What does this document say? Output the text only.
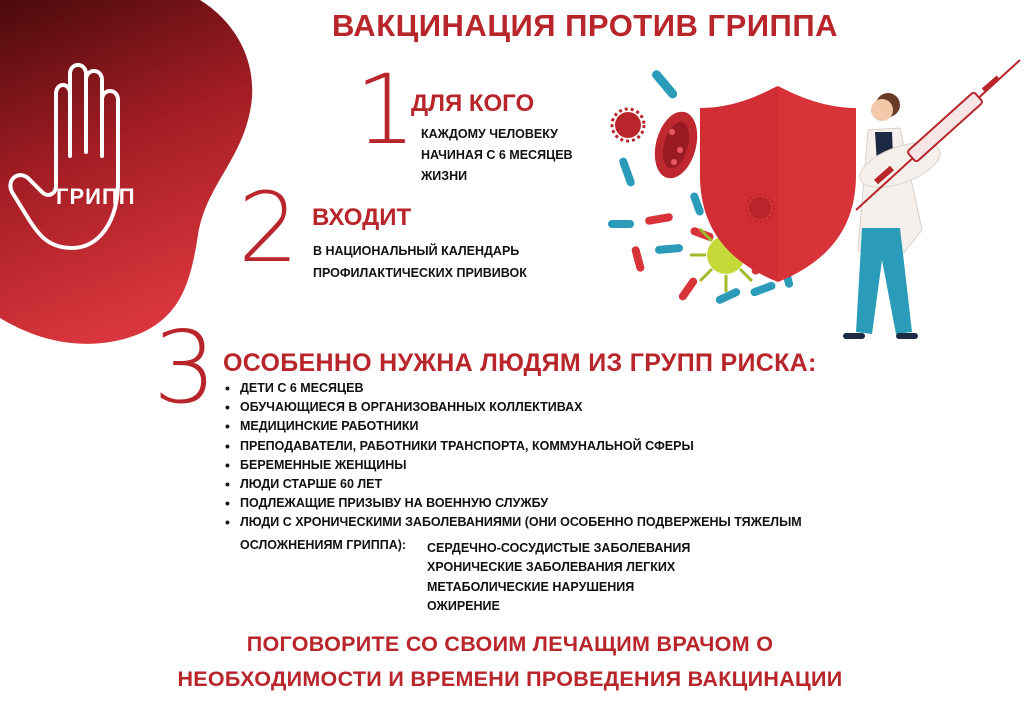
ГРИПП
ВАКЦИНАЦИЯ ПРОТИВ ГРИППА
1
ДЛЯ КОГО
КАЖДОМУ ЧЕЛОВЕКУ
НАЧИНАЯ С 6 МЕСЯЦЕВ
ЖИЗНИ
2 ВХОДИТ
В НАЦИОНАЛЬНЫЙ КАЛЕНДАРЬ
ПРОФИЛАКТИЧЕСКИХ ПРИВИВОК
3 ОСОБЕННО НУЖНА ЛЮДЯМ ИЗ ГРУПП РИСКА:
• ДЕТИ С 6 МЕСЯЦЕВ
• ОБУЧАЮЩИЕСЯ В ОРГАНИЗОВАННЫХ КОЛЛЕКТИВАХ
• МЕДИЦИНСКИЕ РАБОТНИКИ
• ПРЕПОДАВАТЕЛИ, РАБОТНИКИ ТРАНСПОРТА, КОММУНАЛЬНОЙ СФЕРЫ
• БЕРЕМЕННЫЕ ЖЕНЩИНЫ
• ЛЮДИ СТАРШЕ 60 ЛЕТ
• ПОДЛЕЖАЩИЕ ПРИЗЫВУ НА ВОЕННУЮ СЛУЖБУ
• ЛЮДИ С ХРОНИЧЕСКИМИ ЗАБОЛЕВАНИЯМИ (ОНИ ОСОБЕННО ПОДВЕРЖЕНЫ ТЯЖЕЛЫМ
ОСЛОЖНЕНИЯМ ГРИППА): СЕРДЕЧНО-СОСУДИСТЫЕ ЗАБОЛЕВАНИЯ
ХРОНИЧЕСКИЕ ЗАБОЛЕВАНИЯ ЛЕГКИХ
МЕТАБОЛИЧЕСКИЕ НАРУШЕНИЯ
ОЖИРЕНИЕ
ПОГОВОРИТЕ СО СВОИМ ЛЕЧАЩИМ ВРАЧОМ О
НЕОБХОДИМОСТИ И ВРЕМЕНИ ПРОВЕДЕНИЯ ВАКЦИНАЦИИ
